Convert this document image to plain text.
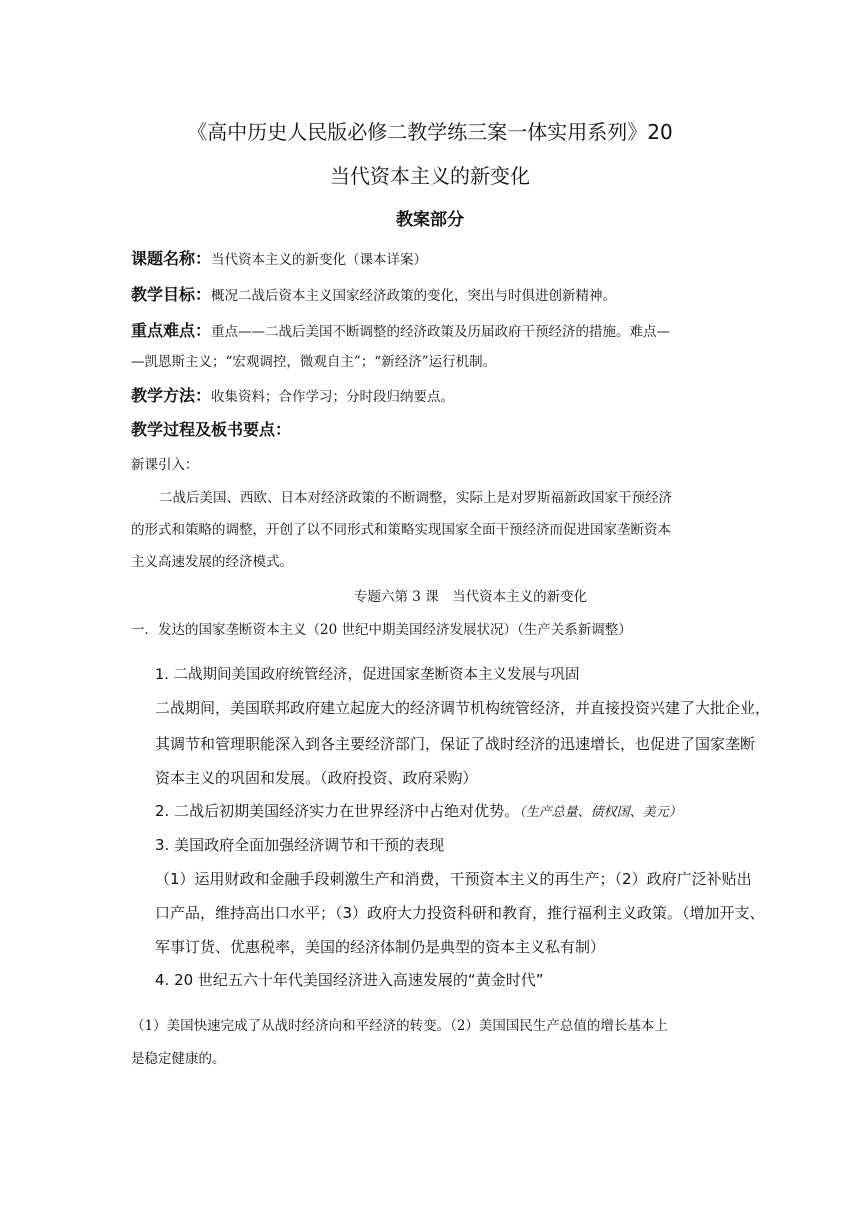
《高中历史人民版必修二教学练三案一体实用系列》20
当代资本主义的新变化
教案部分
课题名称：当代资本主义的新变化（课本详案）
教学目标：概况二战后资本主义国家经济政策的变化，突出与时俱进创新精神。
重点难点：重点——二战后美国不断调整的经济政策及历届政府干预经济的措施。难点—
—凯恩斯主义；“宏观调控，微观自主”；“新经济”运行机制。
教学方法：收集资料；合作学习；分时段归纳要点。
教学过程及板书要点：
新课引入：
二战后美国、西欧、日本对经济政策的不断调整，实际上是对罗斯福新政国家干预经济
的形式和策略的调整，开创了以不同形式和策略实现国家全面干预经济而促进国家垄断资本
主义高速发展的经济模式。
专题六第 3 课　当代资本主义的新变化
一．发达的国家垄断资本主义（20 世纪中期美国经济发展状况）（生产关系新调整）
1. 二战期间美国政府统管经济，促进国家垄断资本主义发展与巩固
二战期间，美国联邦政府建立起庞大的经济调节机构统管经济，并直接投资兴建了大批企业，
其调节和管理职能深入到各主要经济部门，保证了战时经济的迅速增长，也促进了国家垄断
资本主义的巩固和发展。（政府投资、政府采购）
2. 二战后初期美国经济实力在世界经济中占绝对优势。（生产总量、债权国、美元）
3. 美国政府全面加强经济调节和干预的表现
（1）运用财政和金融手段刺激生产和消费，干预资本主义的再生产；（2）政府广泛补贴出
口产品，维持高出口水平；（3）政府大力投资科研和教育，推行福利主义政策。（增加开支、
军事订货、优惠税率，美国的经济体制仍是典型的资本主义私有制）
4. 20 世纪五六十年代美国经济进入高速发展的“黄金时代”
（1）美国快速完成了从战时经济向和平经济的转变。（2）美国国民生产总值的增长基本上
是稳定健康的。
